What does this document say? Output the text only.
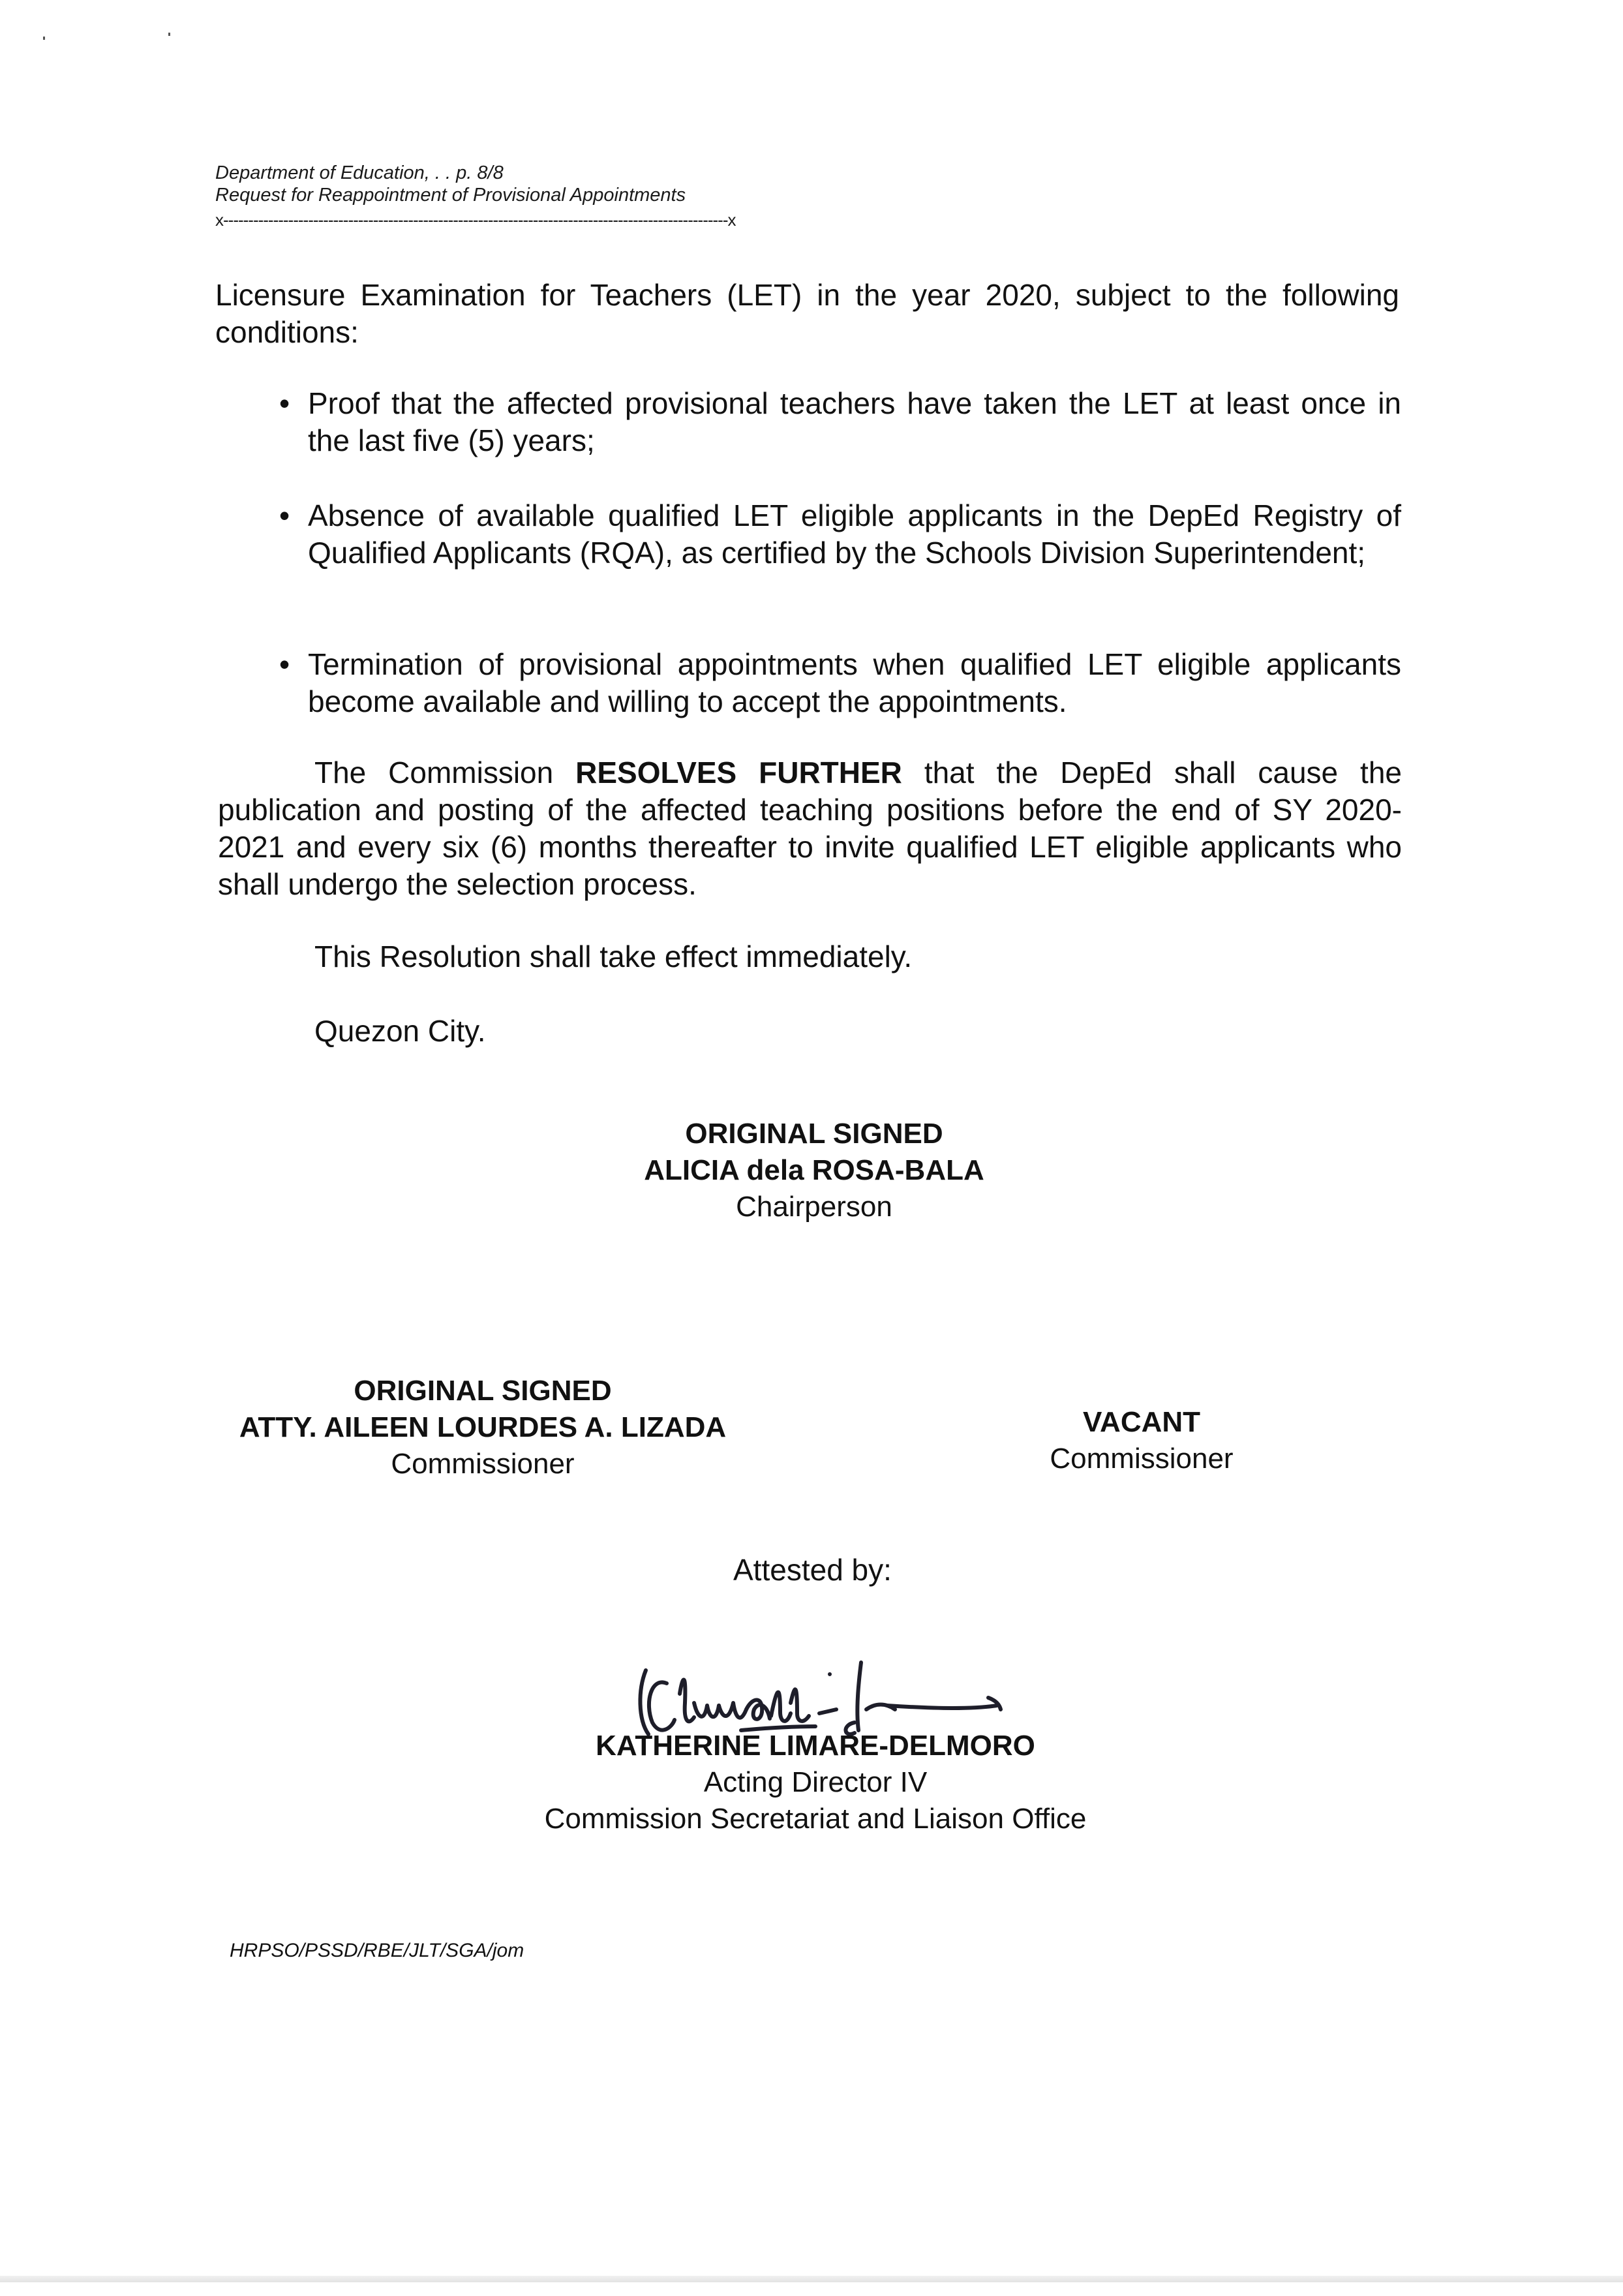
Department of Education, . . p. 8/8
Request for Reappointment of Provisional Appointments
x-----------------------------------------------------------------------------------------------------x
Licensure Examination for Teachers (LET) in the year 2020, subject to the following conditions:
• Proof that the affected provisional teachers have taken the LET at least once in the last five (5) years;
• Absence of available qualified LET eligible applicants in the DepEd Registry of Qualified Applicants (RQA), as certified by the Schools Division Superintendent;
• Termination of provisional appointments when qualified LET eligible applicants become available and willing to accept the appointments.
The Commission RESOLVES FURTHER that the DepEd shall cause the publication and posting of the affected teaching positions before the end of SY 2020-2021 and every six (6) months thereafter to invite qualified LET eligible applicants who shall undergo the selection process.
This Resolution shall take effect immediately.
Quezon City.
ORIGINAL SIGNED
ALICIA dela ROSA-BALA
Chairperson
ORIGINAL SIGNED
ATTY. AILEEN LOURDES A. LIZADA
Commissioner
VACANT
Commissioner
Attested by:
KATHERINE LIMARE-DELMORO
Acting Director IV
Commission Secretariat and Liaison Office
HRPSO/PSSD/RBE/JLT/SGA/jom
